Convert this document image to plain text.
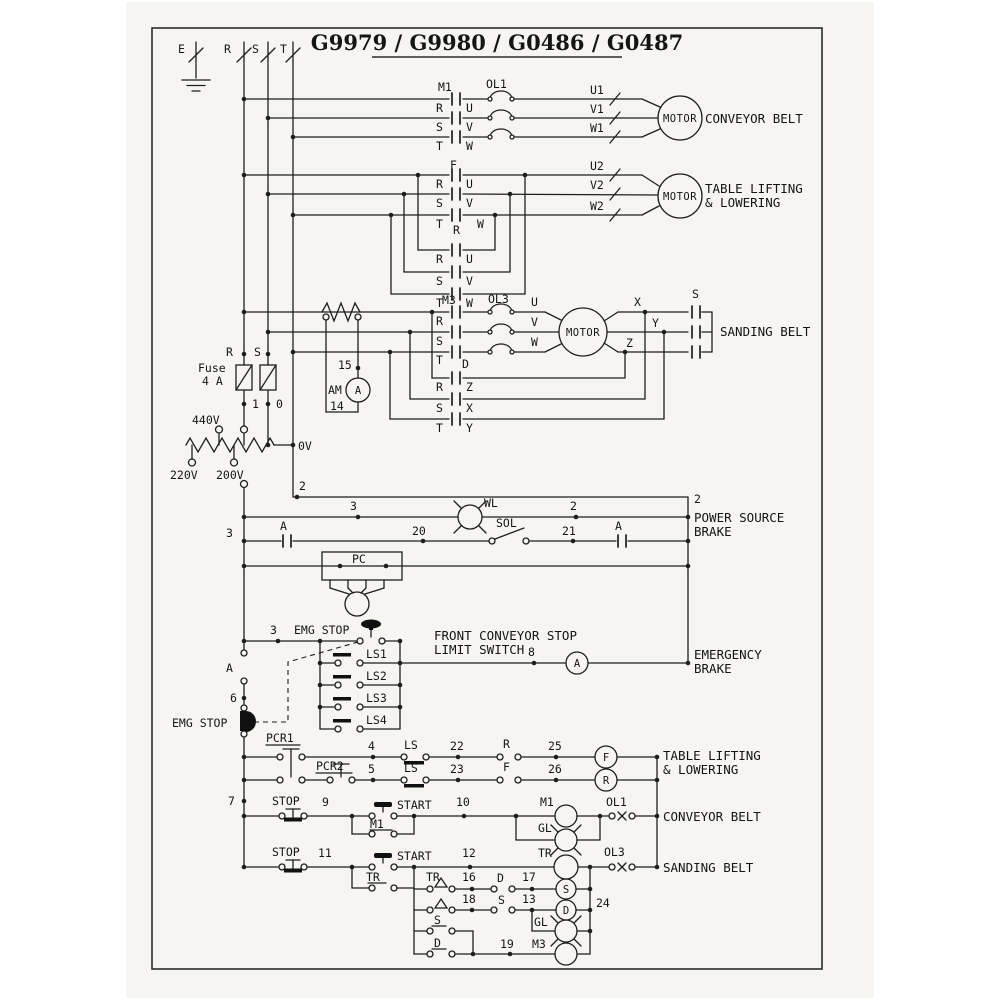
G9979 / G9980 / G0486 / G0487
E	R S T
M1	OL1	U1
V1
W1
R U
S V
T W
MOTOR CONVEYOR BELT
F	U2
V2
W2
R U
S V
T	W
R
MOTOR
TABLE LIFTING
& LOWERING
R U
S V
T W
M3	OL3 U
V
W
R
S
T D
R Z
S X
T Y
MOTOR
X
Y
Z
S
SANDING BELT
15
AM A
14
R S
Fuse
4 A
1 0
440V
0V
220V 200V
2
3	WL	2	2
POWER SOURCE
BRAKE
3	A	20
SOL
21	A
PC
3 EMG STOP	FRONT CONVEYOR STOP
LIMIT SWITCH
LS1
LS2
LS3
LS4
8
A
EMERGENCY
BRAKE
A
6
EMG STOP
PCR1
4	LS	22	R	25
F
PCR2 5	LS	23	F	26
R
TABLE LIFTING
& LOWERING
7	STOP 9	START
M1
10	M1
GL
OL1
CONVEYOR BELT
STOP 11	START
TR
12	TR	OL3
SANDING BELT
TR 16 D 17
S
18 S 13
D
24
S	GL
D	19 M3
